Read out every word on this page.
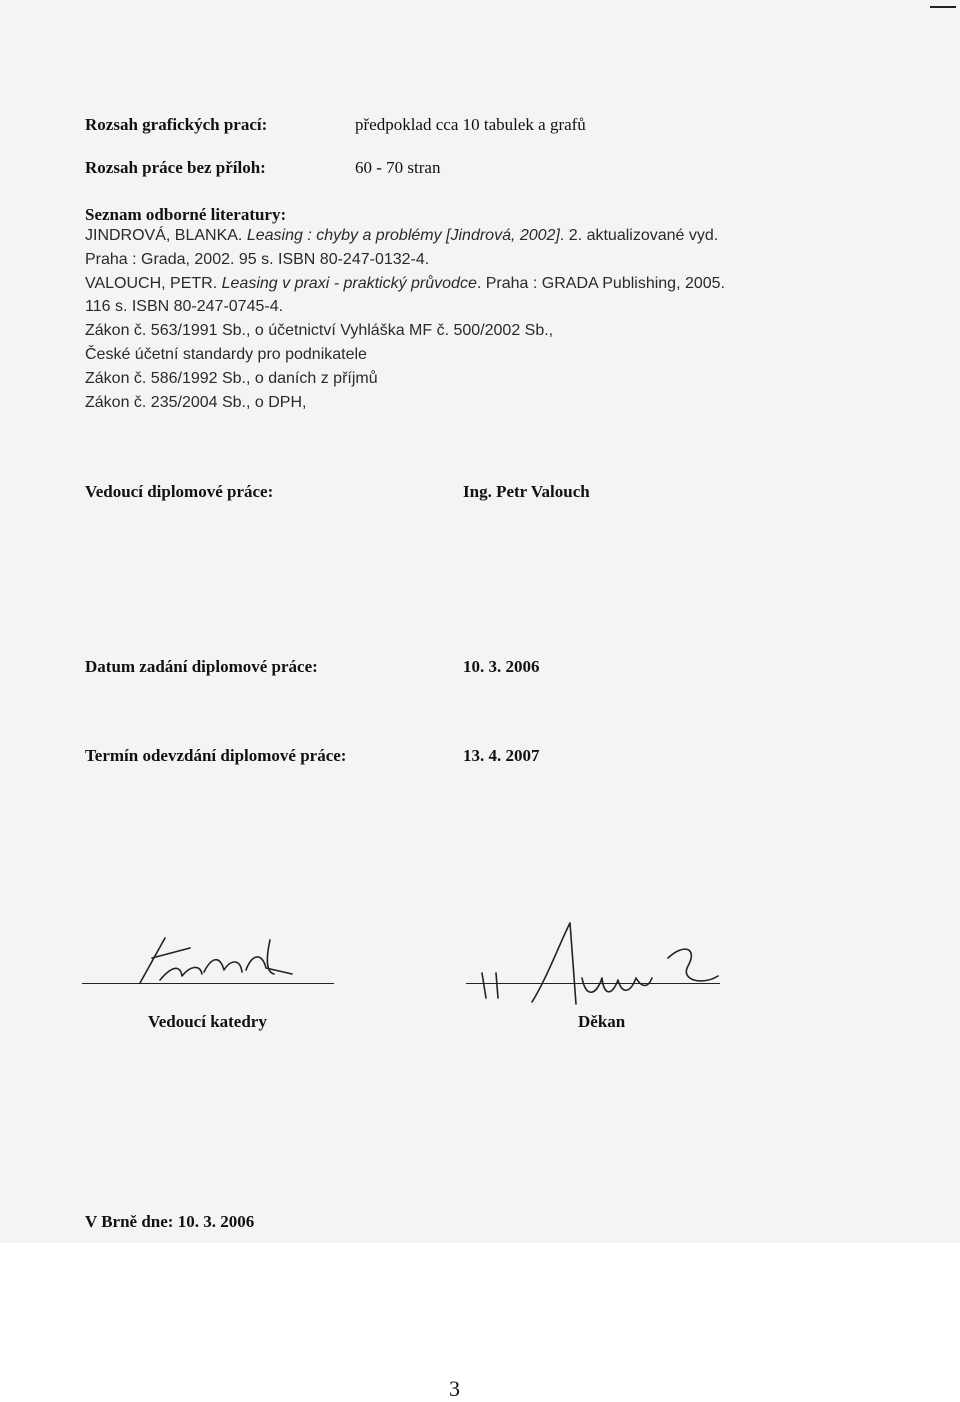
Rozsah grafických prací:	předpoklad cca 10 tabulek a grafů
Rozsah práce bez příloh:	60 - 70 stran
Seznam odborné literatury:
JINDROVÁ, BLANKA. Leasing : chyby a problémy [Jindrová, 2002]. 2. aktualizované vyd.
Praha : Grada, 2002. 95 s. ISBN 80-247-0132-4.
VALOUCH, PETR. Leasing v praxi - praktický průvodce. Praha : GRADA Publishing, 2005.
116 s. ISBN 80-247-0745-4.
Zákon č. 563/1991 Sb., o účetnictví Vyhláška MF č. 500/2002 Sb.,
České účetní standardy pro podnikatele
Zákon č. 586/1992 Sb., o daních z příjmů
Zákon č. 235/2004 Sb., o DPH,
Vedoucí diplomové práce:	Ing. Petr Valouch
Datum zadání diplomové práce:	10. 3. 2006
Termín odevzdání diplomové práce:	13. 4. 2007
Vedoucí katedry	Děkan
V Brně dne: 10. 3. 2006
3
